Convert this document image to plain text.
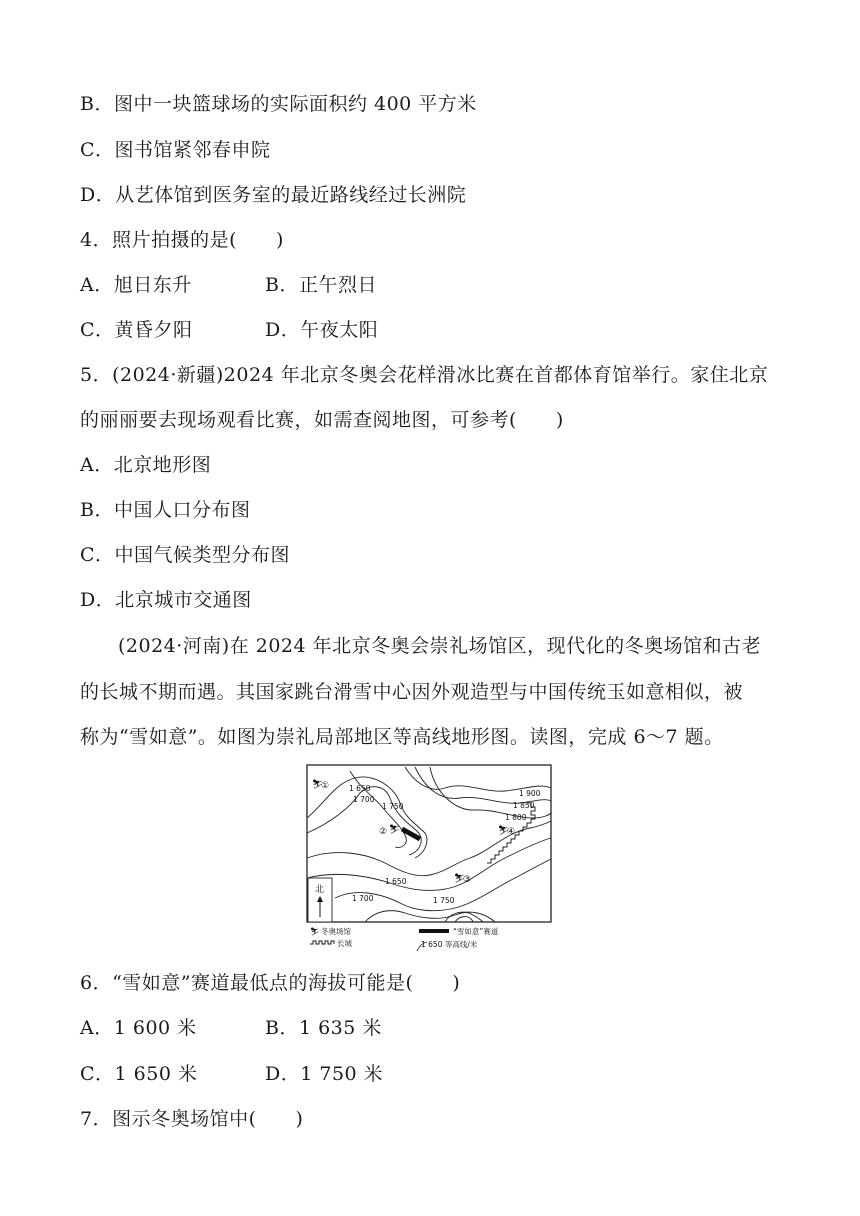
B．图中一块篮球场的实际面积约 400 平方米
C．图书馆紧邻春申院
D．从艺体馆到医务室的最近路线经过长洲院
4．照片拍摄的是(　　)
A．旭日东升	B．正午烈日
C．黄昏夕阳	D．午夜太阳
5．(2024·新疆)2024 年北京冬奥会花样滑冰比赛在首都体育馆举行。家住北京
的丽丽要去现场观看比赛，如需查阅地图，可参考(　　)
A．北京地形图
B．中国人口分布图
C．中国气候类型分布图
D．北京城市交通图
(2024·河南)在 2024 年北京冬奥会崇礼场馆区，现代化的冬奥场馆和古老
的长城不期而遇。其国家跳台滑雪中心因外观造型与中国传统玉如意相似，被
称为“雪如意”。如图为崇礼局部地区等高线地形图。读图，完成 6～7 题。
⛷
①
⛷
②
⛷
③
⛷
④
1 650
1 700
1 750
1 900
1 850
1 800
1 650
1 700	1 750
北
⛷ 冬奥场馆	“雪如意”赛道
长城	1 650 等高线/米
6．“雪如意”赛道最低点的海拔可能是(　　)
A．1 600 米	B．1 635 米
C．1 650 米	D．1 750 米
7．图示冬奥场馆中(　　)
